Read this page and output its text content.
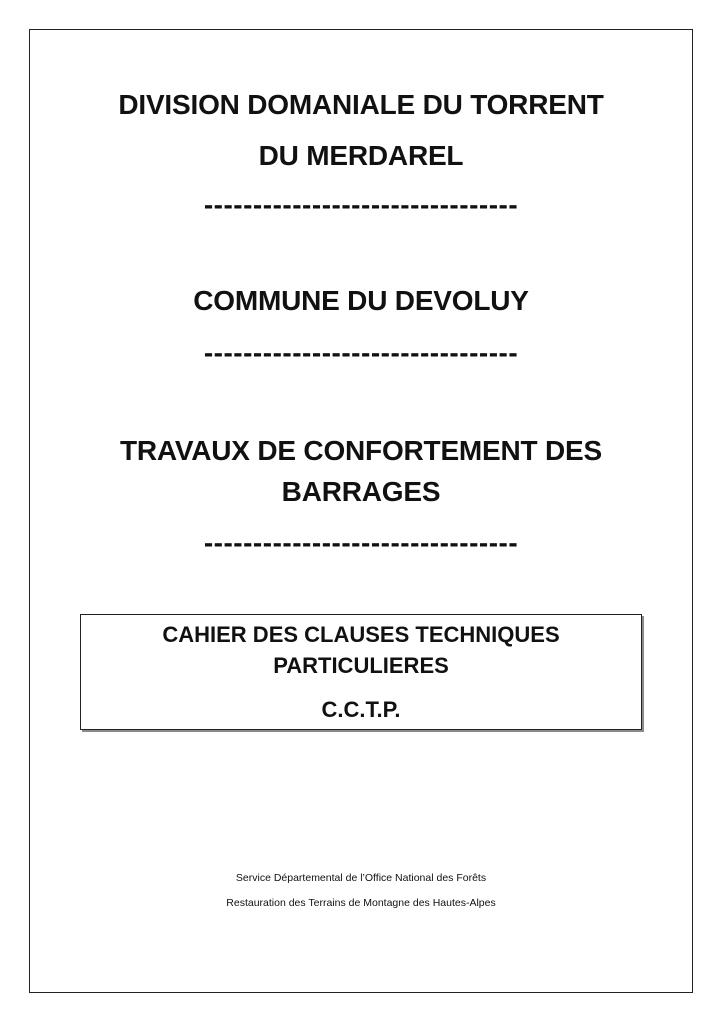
DIVISION DOMANIALE DU TORRENT
DU MERDAREL

--------------------------------

COMMUNE DU DEVOLUY

--------------------------------

TRAVAUX DE CONFORTEMENT DES
BARRAGES

--------------------------------

CAHIER DES CLAUSES TECHNIQUES

PARTICULIERES

C.C.T.P.

Service Départemental de l’Office National des Forêts

Restauration des Terrains de Montagne des Hautes-Alpes
